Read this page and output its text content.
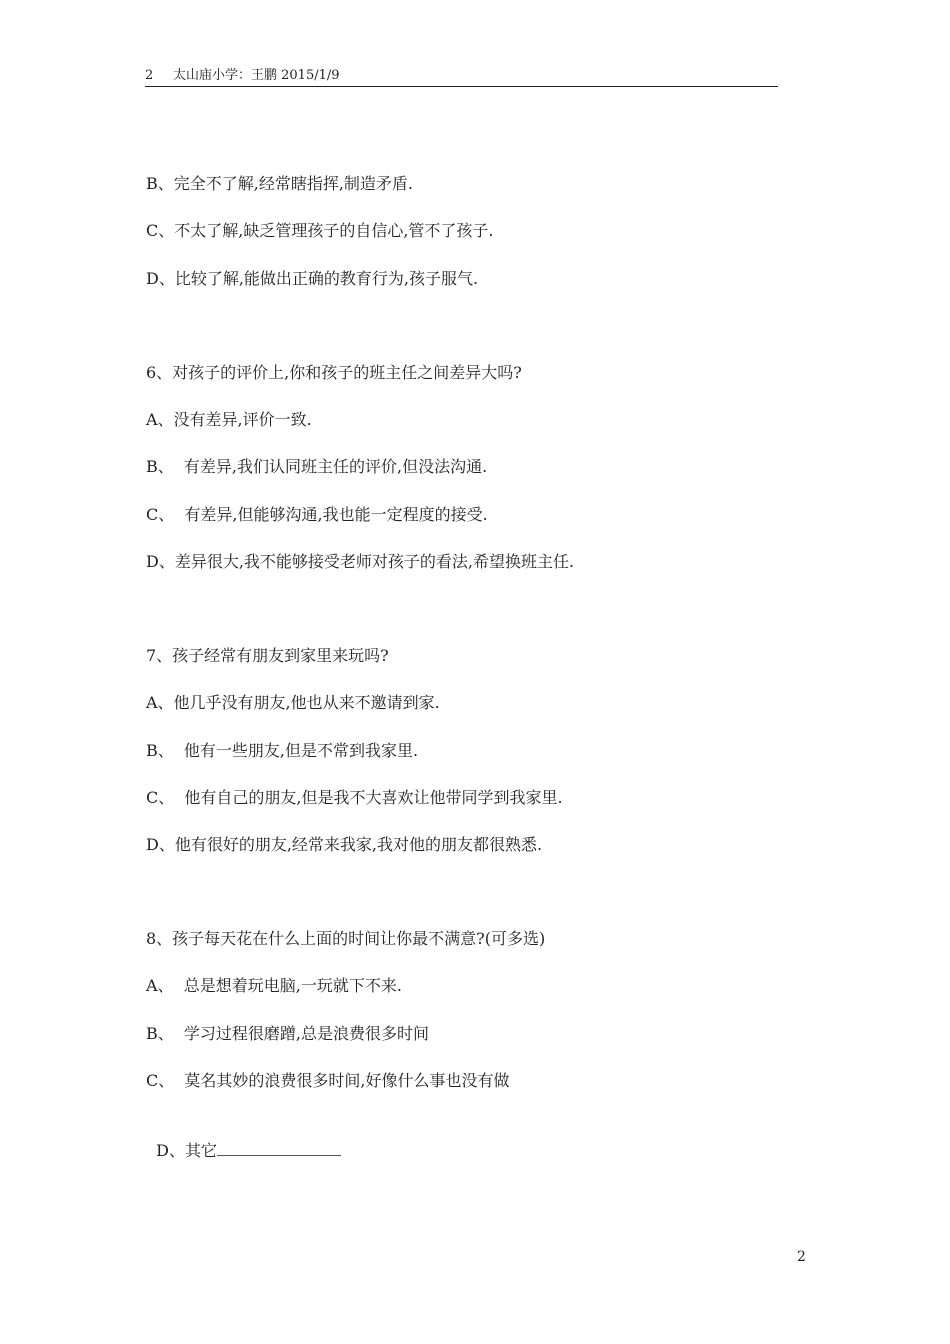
2 太山庙小学：王鹏 2015/1/9
B、完全不了解,经常瞎指挥,制造矛盾.
C、不太了解,缺乏管理孩子的自信心,管不了孩子.
D、比较了解,能做出正确的教育行为,孩子服气.
6、对孩子的评价上,你和孩子的班主任之间差异大吗?
A、没有差异,评价一致.
B、  有差异,我们认同班主任的评价,但没法沟通.
C、  有差异,但能够沟通,我也能一定程度的接受.
D、差异很大,我不能够接受老师对孩子的看法,希望换班主任.
7、孩子经常有朋友到家里来玩吗?
A、他几乎没有朋友,他也从来不邀请到家.
B、  他有一些朋友,但是不常到我家里.
C、  他有自己的朋友,但是我不大喜欢让他带同学到我家里.
D、他有很好的朋友,经常来我家,我对他的朋友都很熟悉.
8、孩子每天花在什么上面的时间让你最不满意?(可多选)
A、  总是想着玩电脑,一玩就下不来.
B、  学习过程很磨蹭,总是浪费很多时间
C、  莫名其妙的浪费很多时间,好像什么事也没有做

D、其它

2
